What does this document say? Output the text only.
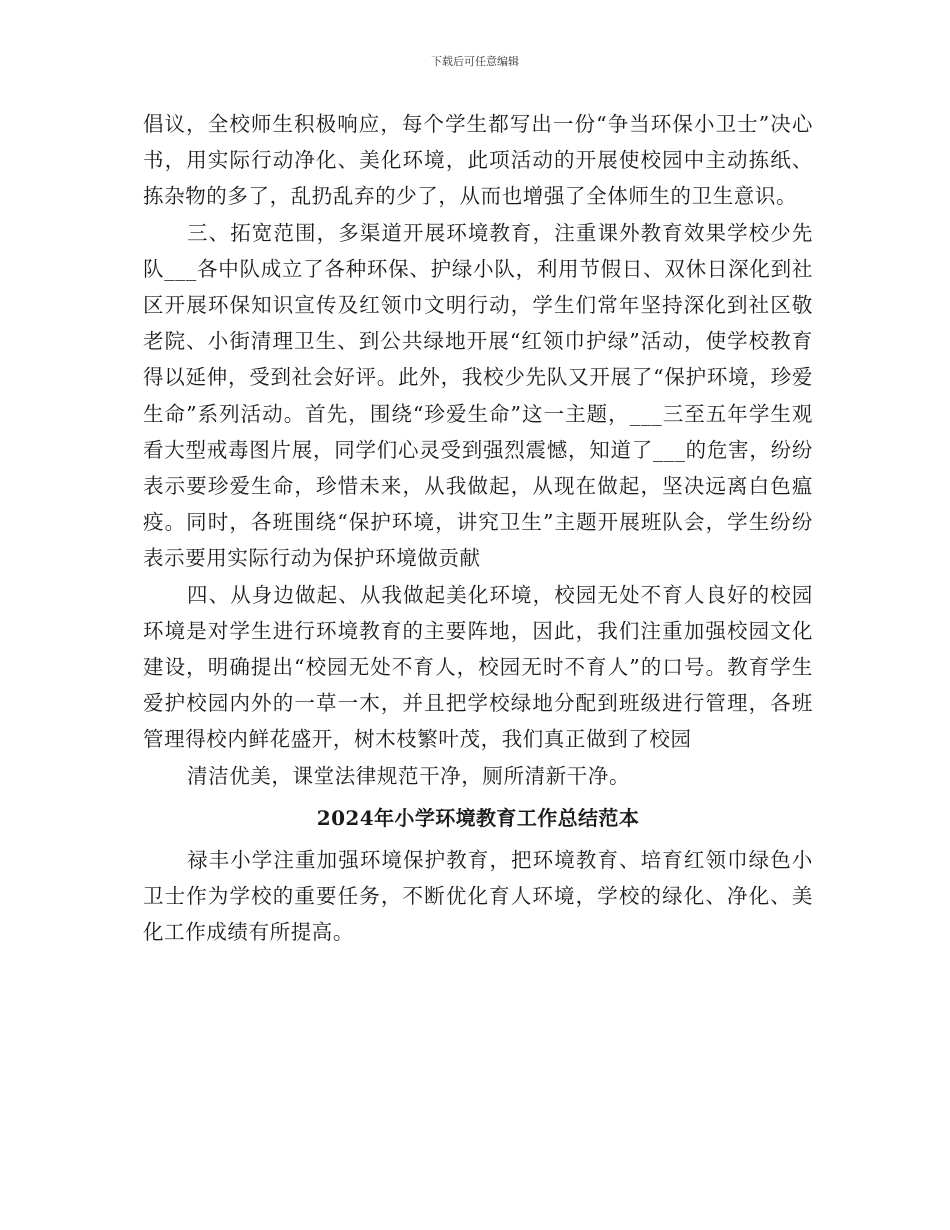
下载后可任意编辑

倡议，全校师生积极响应，每个学生都写出一份“争当环保小卫士”决心书，用实际行动净化、美化环境，此项活动的开展使校园中主动拣纸、拣杂物的多了，乱扔乱弃的少了，从而也增强了全体师生的卫生意识。

三、拓宽范围，多渠道开展环境教育，注重课外教育效果学校少先队___各中队成立了各种环保、护绿小队，利用节假日、双休日深化到社区开展环保知识宣传及红领巾文明行动，学生们常年坚持深化到社区敬老院、小街清理卫生、到公共绿地开展“红领巾护绿”活动，使学校教育得以延伸，受到社会好评。此外，我校少先队又开展了“保护环境，珍爱生命”系列活动。首先，围绕“珍爱生命”这一主题，___三至五年学生观看大型戒毒图片展，同学们心灵受到强烈震憾，知道了___的危害，纷纷表示要珍爱生命，珍惜未来，从我做起，从现在做起，坚决远离白色瘟疫。同时，各班围绕“保护环境，讲究卫生”主题开展班队会，学生纷纷表示要用实际行动为保护环境做贡献

四、从身边做起、从我做起美化环境，校园无处不育人良好的校园环境是对学生进行环境教育的主要阵地，因此，我们注重加强校园文化建设，明确提出“校园无处不育人，校园无时不育人”的口号。教育学生爱护校园内外的一草一木，并且把学校绿地分配到班级进行管理，各班管理得校内鲜花盛开，树木枝繁叶茂，我们真正做到了校园

清洁优美，课堂法律规范干净，厕所清新干净。

2024年小学环境教育工作总结范本

禄丰小学注重加强环境保护教育，把环境教育、培育红领巾绿色小卫士作为学校的重要任务，不断优化育人环境，学校的绿化、净化、美化工作成绩有所提高。
